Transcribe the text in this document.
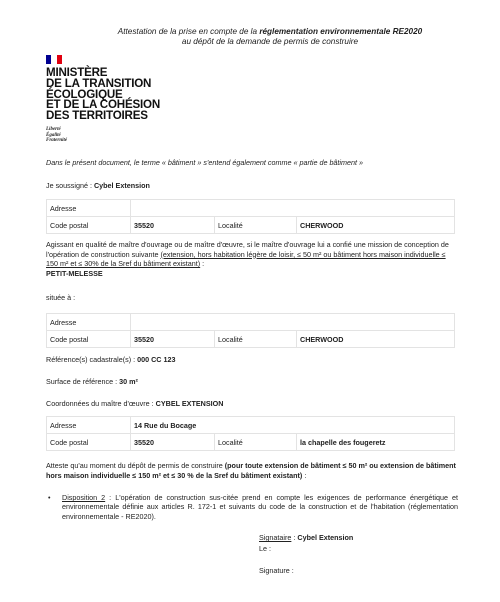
Attestation de la prise en compte de la réglementation environnementale RE2020
au dépôt de la demande de permis de construire
MINISTÈRE
DE LA TRANSITION
ÉCOLOGIQUE
ET DE LA COHÉSION
DES TERRITOIRES
Liberté
Égalité
Fraternité
Dans le présent document, le terme « bâtiment » s'entend également comme « partie de bâtiment »
Je soussigné : Cybel Extension
Adresse			
Code postal	35520	Localité	CHERWOOD
Agissant en qualité de maître d'ouvrage ou de maître d'œuvre, si le maître d'ouvrage lui a confié une mission de conception de l'opération de construction suivante (extension, hors habitation légère de loisir, ≤ 50 m² ou bâtiment hors maison individuelle ≤ 150 m² et ≤ 30% de la Sref du bâtiment existant) :
PETIT-MELESSE
située à :
Adresse			
Code postal	35520	Localité	CHERWOOD
Référence(s) cadastrale(s) : 000 CC 123
Surface de référence : 30 m²
Coordonnées du maître d'œuvre : CYBEL EXTENSION
Adresse	14 Rue du Bocage		
Code postal	35520	Localité	la chapelle des fougeretz
Atteste qu'au moment du dépôt de permis de construire (pour toute extension de bâtiment ≤ 50 m² ou extension de bâtiment hors maison individuelle ≤ 150 m² et ≤ 30 % de la Sref du bâtiment existant) :
•	Disposition 2 : L'opération de construction sus-citée prend en compte les exigences de performance énergétique et environnementale définie aux articles R. 172-1 et suivants du code de la construction et de l'habitation (réglementation environnementale - RE2020).
Signataire : Cybel Extension
Le :
Signature :
